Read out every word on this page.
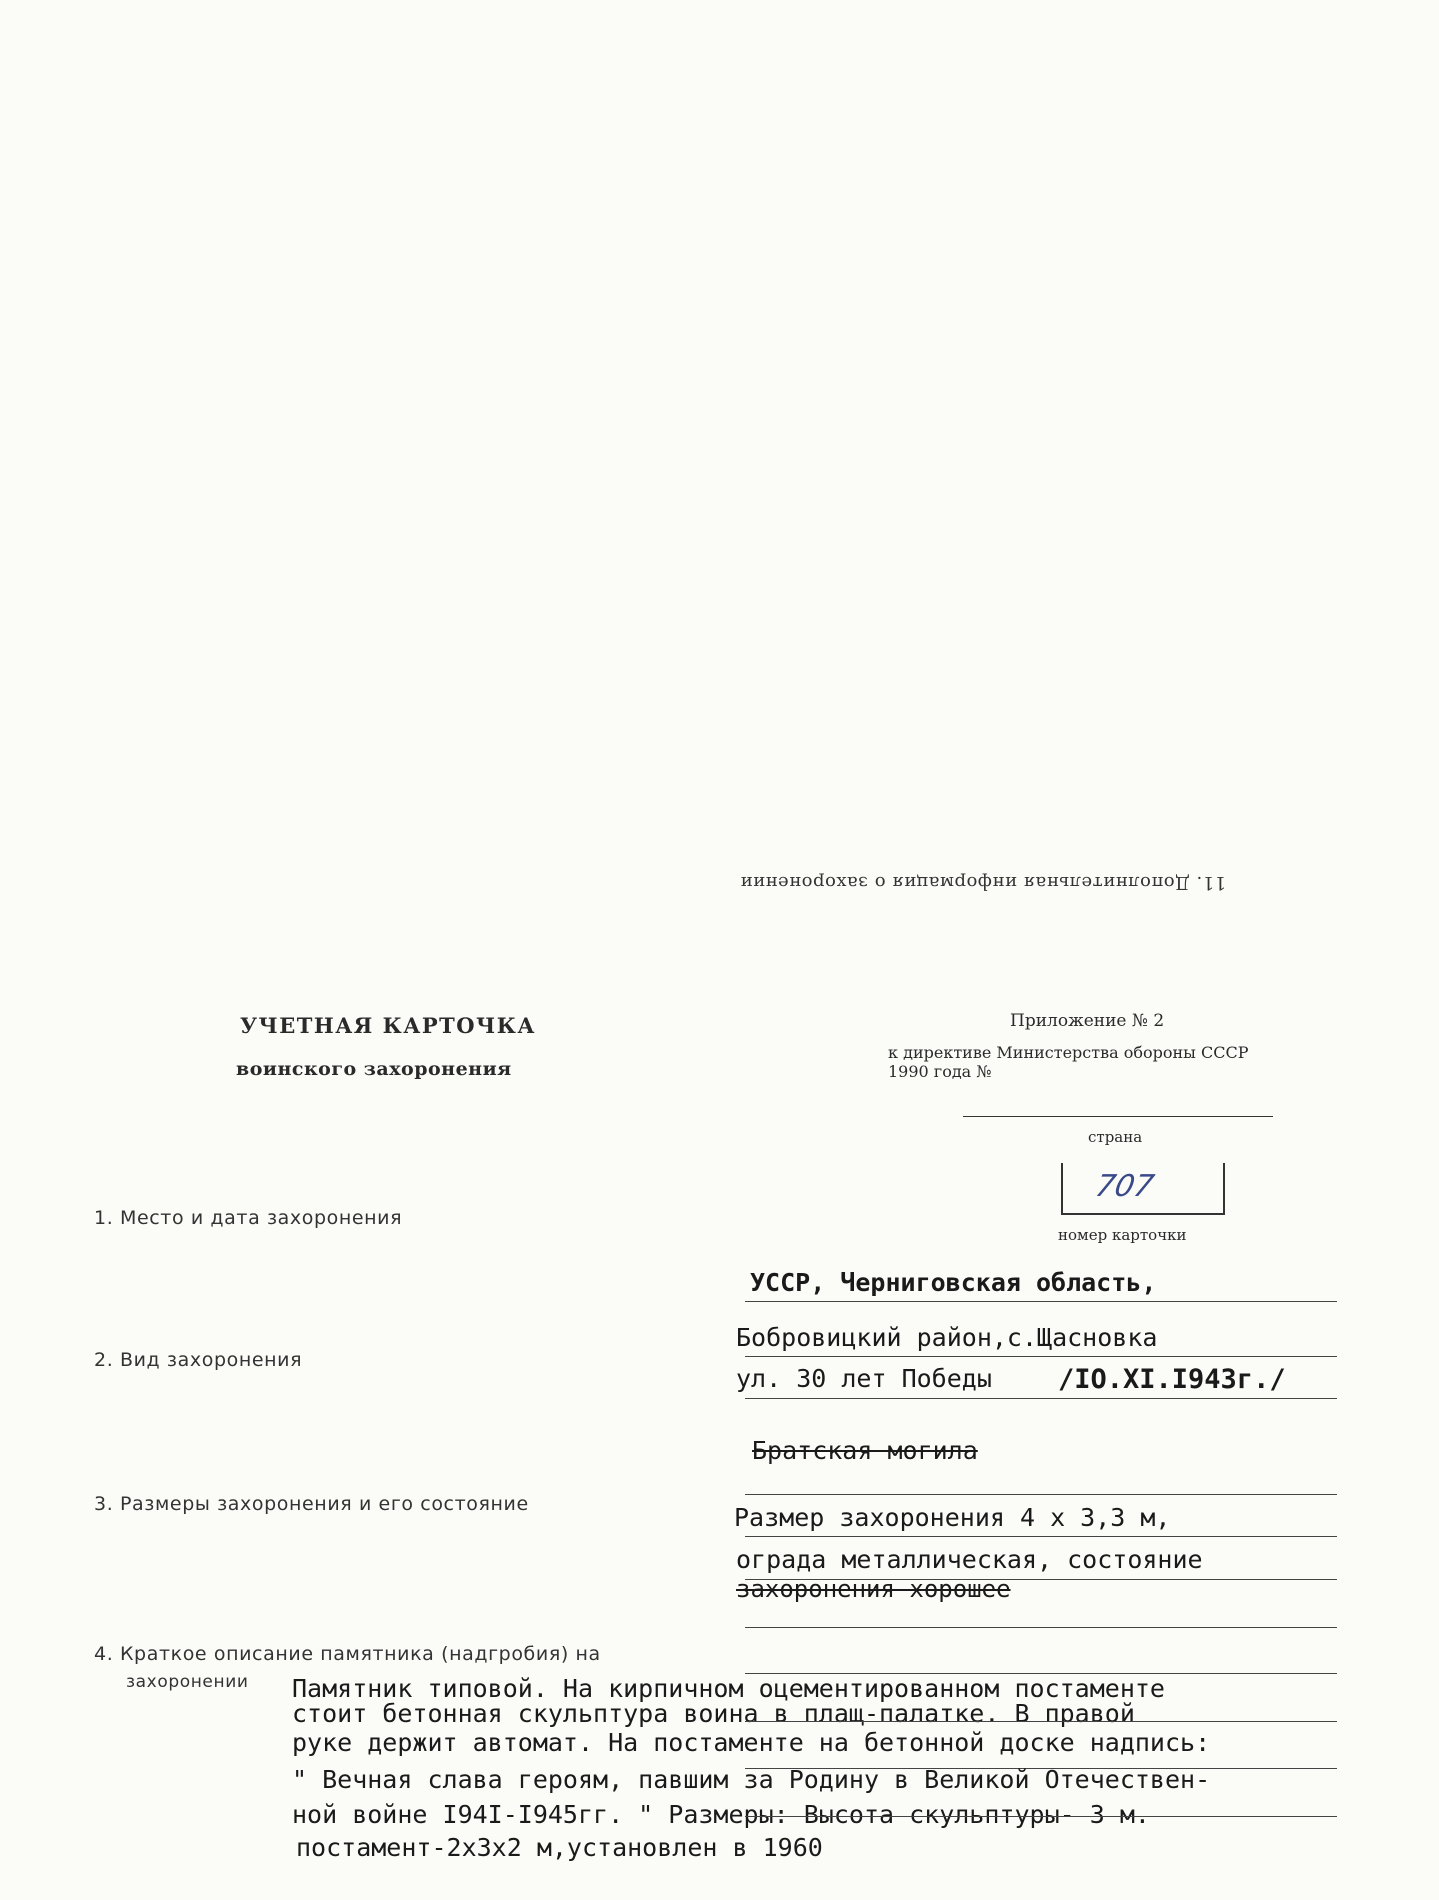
11. Дополнительная информация о захоронении
УЧЕТНАЯ КАРТОЧКА
воинского захоронения
Приложение № 2
к директиве Министерства обороны СССР
1990 года №
страна
707
номер карточки
1. Место и дата захоронения
УССР, Черниговская область,
Бобровицкий район,с.Щасновка
ул. 30 лет Победы /IO.XI.I943г./
2. Вид захоронения
Братская могила
3. Размеры захоронения и его состояние	Размер захоронения 4 х 3,3 м,
ограда металлическая, состояние
захоронения хорошее
4. Краткое описание памятника (надгробия) на
захоронении Памятник типовой. На кирпичном оцементированном постаменте
стоит бетонная скульптура воина в плащ-палатке. В правой
руке держит автомат. На постаменте на бетонной доске надпись:
" Вечная слава героям, павшим за Родину в Великой Отечествен-
ной войне I94I-I945гг. " Размеры: Высота скульптуры- 3 м.
постамент-2х3х2 м,установлен в 1960
